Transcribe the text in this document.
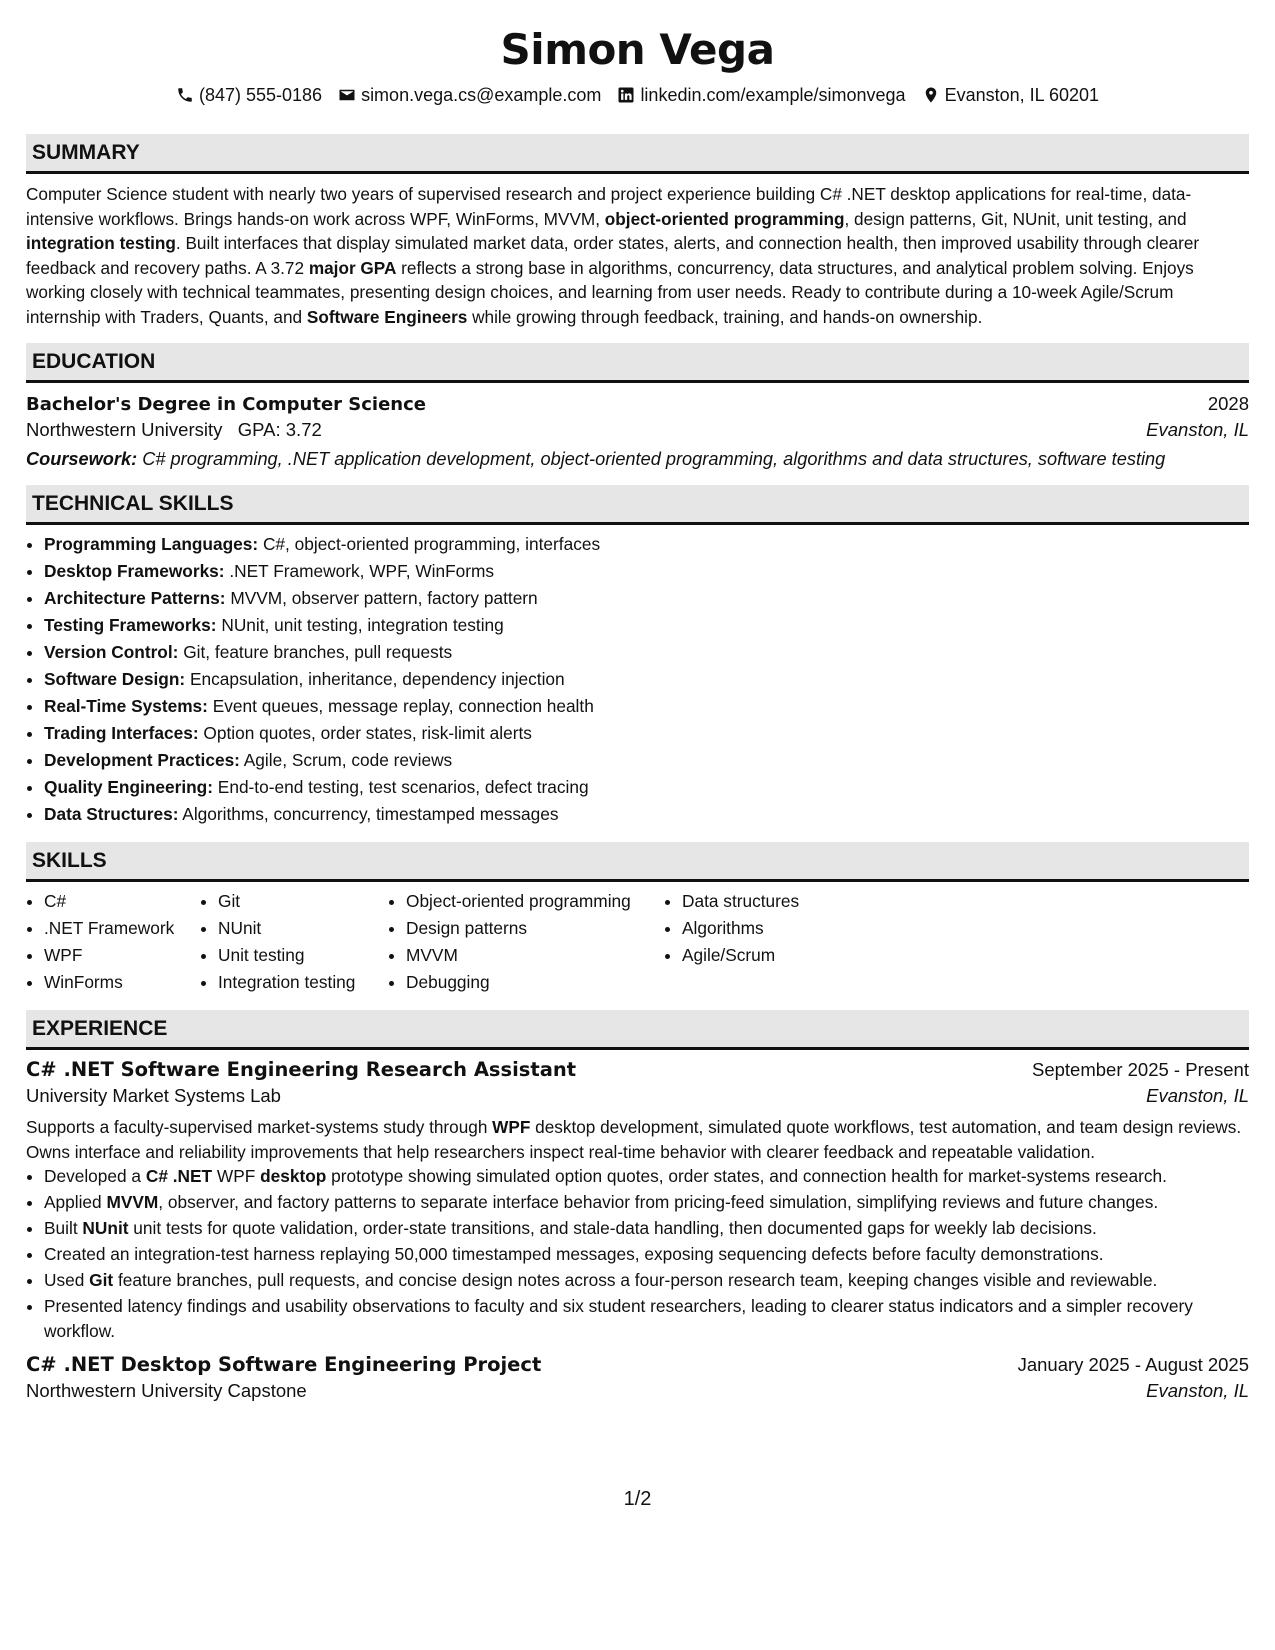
Simon Vega
(847) 555-0186 simon.vega.cs@example.com linkedin.com/example/simonvega Evanston, IL 60201
SUMMARY

Computer Science student with nearly two years of supervised research and project experience building C# .NET desktop applications for real-time, data-intensive workflows. Brings hands-on work across WPF, WinForms, MVVM, object-oriented programming, design patterns, Git, NUnit, unit testing, and integration testing. Built interfaces that display simulated market data, order states, alerts, and connection health, then improved usability through clearer feedback and recovery paths. A 3.72 major GPA reflects a strong base in algorithms, concurrency, data structures, and analytical problem solving. Enjoys working closely with technical teammates, presenting design choices, and learning from user needs. Ready to contribute during a 10-week Agile/Scrum internship with Traders, Quants, and Software Engineers while growing through feedback, training, and hands-on ownership.

EDUCATION
Bachelor's Degree in Computer Science	2028
Northwestern University GPA: 3.72	Evanston, IL
Coursework: C# programming, .NET application development, object-oriented programming, algorithms and data structures, software testing
TECHNICAL SKILLS
• Programming Languages: C#, object-oriented programming, interfaces
• Desktop Frameworks: .NET Framework, WPF, WinForms
• Architecture Patterns: MVVM, observer pattern, factory pattern
• Testing Frameworks: NUnit, unit testing, integration testing
• Version Control: Git, feature branches, pull requests
• Software Design: Encapsulation, inheritance, dependency injection
• Real-Time Systems: Event queues, message replay, connection health
• Trading Interfaces: Option quotes, order states, risk-limit alerts
• Development Practices: Agile, Scrum, code reviews
• Quality Engineering: End-to-end testing, test scenarios, defect tracing
• Data Structures: Algorithms, concurrency, timestamped messages
SKILLS
• C#
• .NET Framework
• WPF
• WinForms
• Git
• NUnit
• Unit testing
• Integration testing
• Object-oriented programming
• Design patterns
• MVVM
• Debugging
• Data structures
• Algorithms
• Agile/Scrum
EXPERIENCE
C# .NET Software Engineering Research Assistant	September 2025 - Present
University Market Systems Lab	Evanston, IL

Supports a faculty-supervised market-systems study through WPF desktop development, simulated quote workflows, test automation, and team design reviews. Owns interface and reliability improvements that help researchers inspect real-time behavior with clearer feedback and repeatable validation.

• Developed a C# .NET WPF desktop prototype showing simulated option quotes, order states, and connection health for market-systems research.
• Applied MVVM, observer, and factory patterns to separate interface behavior from pricing-feed simulation, simplifying reviews and future changes.
• Built NUnit unit tests for quote validation, order-state transitions, and stale-data handling, then documented gaps for weekly lab decisions.
• Created an integration-test harness replaying 50,000 timestamped messages, exposing sequencing defects before faculty demonstrations.
• Used Git feature branches, pull requests, and concise design notes across a four-person research team, keeping changes visible and reviewable.
• Presented latency findings and usability observations to faculty and six student researchers, leading to clearer status indicators and a simpler recovery workflow.
C# .NET Desktop Software Engineering Project	January 2025 - August 2025
Northwestern University Capstone	Evanston, IL
1/2
